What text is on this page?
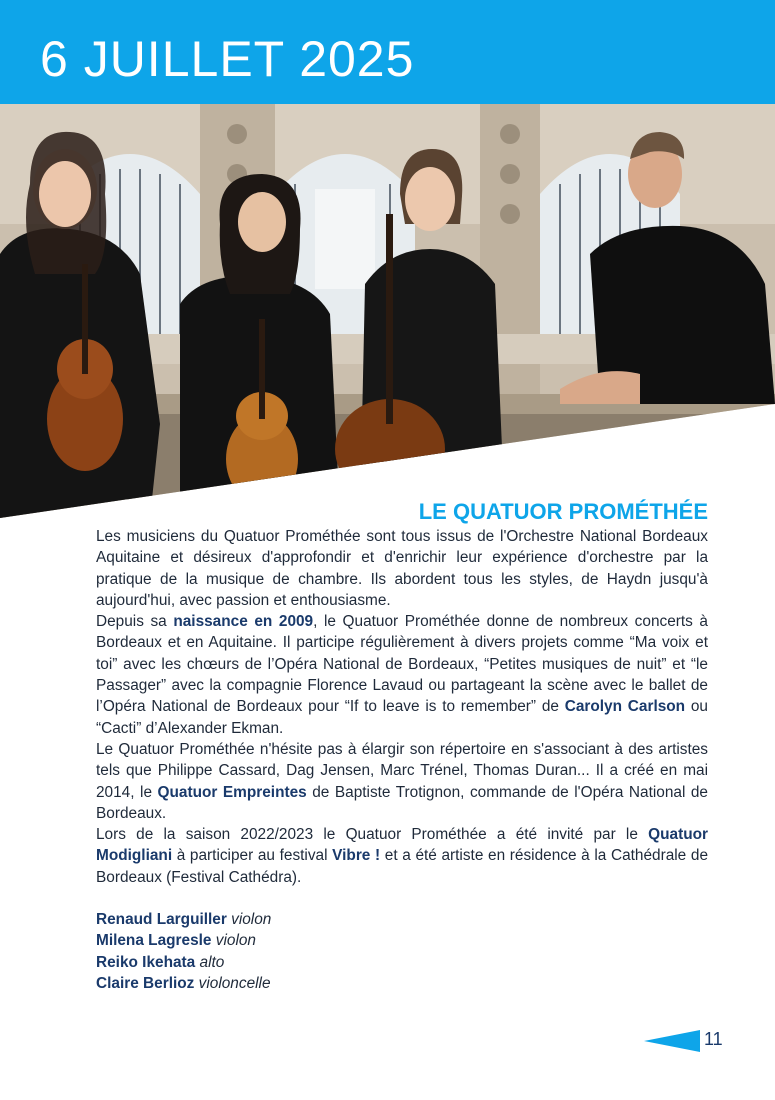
6 JUILLET 2025
LE QUATUOR PROMÉTHÉE

Les musiciens du Quatuor Prométhée sont tous issus de l'Orchestre National Bordeaux Aquitaine et désireux d'approfondir et d'enrichir leur expérience d'orchestre par la pratique de la musique de chambre. Ils abordent tous les styles, de Haydn jusqu'à aujourd'hui, avec passion et enthousiasme.

Depuis sa naissance en 2009, le Quatuor Prométhée donne de nombreux concerts à Bordeaux et en Aquitaine. Il participe régulièrement à divers projets comme “Ma voix et toi” avec les chœurs de l’Opéra National de Bordeaux, “Petites musiques de nuit” et “le Passager” avec la compagnie Florence Lavaud ou partageant la scène avec le ballet de l’Opéra National de Bordeaux pour “If to leave is to remember” de Carolyn Carlson ou “Cacti” d’Alexander Ekman.

Le Quatuor Prométhée n'hésite pas à élargir son répertoire en s'associant à des artistes tels que Philippe Cassard, Dag Jensen, Marc Trénel, Thomas Duran... Il a créé en mai 2014, le Quatuor Empreintes de Baptiste Trotignon, commande de l'Opéra National de Bordeaux.

Lors de la saison 2022/2023 le Quatuor Prométhée a été invité par le Quatuor Modigliani à participer au festival Vibre ! et a été artiste en résidence à la Cathédrale de Bordeaux (Festival Cathédra).

Renaud Larguiller violon
Milena Lagresle violon
Reiko Ikehata alto
Claire Berlioz violoncelle
11
